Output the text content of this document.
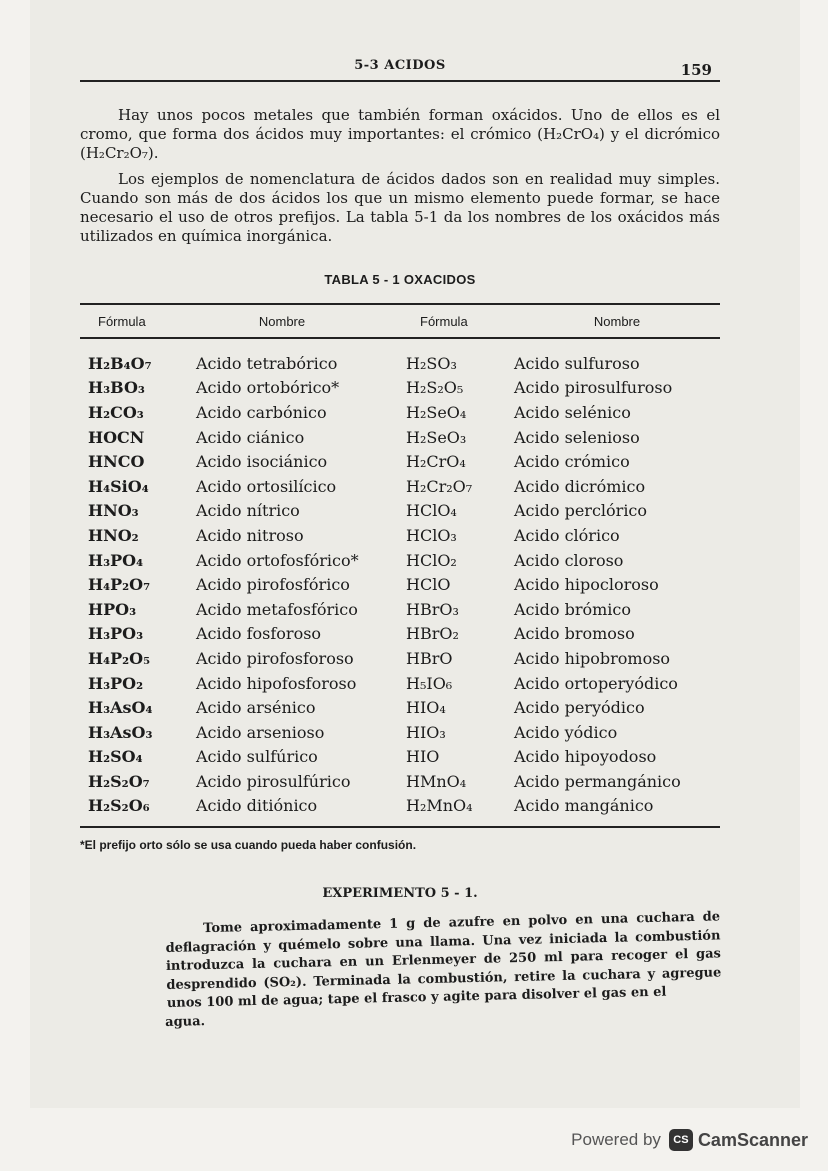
5-3 ACIDOS	159

Hay unos pocos metales que también forman oxácidos. Uno de ellos es el cromo, que forma dos ácidos muy importantes: el crómico (H₂CrO₄) y el dicrómico (H₂Cr₂O₇).

Los ejemplos de nomenclatura de ácidos dados son en realidad muy simples. Cuando son más de dos ácidos los que un mismo elemento puede formar, se hace necesario el uso de otros prefijos. La tabla 5-1 da los nombres de los oxácidos más utilizados en química inorgánica.

TABLA 5 - 1 OXACIDOS
Fórmula	Nombre	Fórmula	Nombre
H₂B₄O₇	Acido tetrabórico	H₂SO₃	Acido sulfuroso
H₃BO₃	Acido ortobórico*	H₂S₂O₅	Acido pirosulfuroso
H₂CO₃	Acido carbónico	H₂SeO₄	Acido selénico
HOCN	Acido ciánico	H₂SeO₃	Acido selenioso
HNCO	Acido isociánico	H₂CrO₄	Acido crómico
H₄SiO₄	Acido ortosilícico	H₂Cr₂O₇	Acido dicrómico
HNO₃	Acido nítrico	HClO₄	Acido perclórico
HNO₂	Acido nitroso	HClO₃	Acido clórico
H₃PO₄	Acido ortofosfórico*	HClO₂	Acido cloroso
H₄P₂O₇	Acido pirofosfórico	HClO	Acido hipocloroso
HPO₃	Acido metafosfórico	HBrO₃	Acido brómico
H₃PO₃	Acido fosforoso	HBrO₂	Acido bromoso
H₄P₂O₅	Acido pirofosforoso	HBrO	Acido hipobromoso
H₃PO₂	Acido hipofosforoso	H₅IO₆	Acido ortoperyódico
H₃AsO₄	Acido arsénico	HIO₄	Acido peryódico
H₃AsO₃	Acido arsenioso	HIO₃	Acido yódico
H₂SO₄	Acido sulfúrico	HIO	Acido hipoyodoso
H₂S₂O₇	Acido pirosulfúrico	HMnO₄	Acido permangánico
H₂S₂O₆	Acido ditiónico	H₂MnO₄	Acido mangánico
*El prefijo orto sólo se usa cuando pueda haber confusión.
EXPERIMENTO 5 - 1.

Tome aproximadamente 1 g de azufre en polvo en una cuchara de deflagración y quémelo sobre una llama. Una vez iniciada la combustión introduzca la cuchara en un Erlenmeyer de 250 ml para recoger el gas desprendido (SO₂). Terminada la combustión, retire la cuchara y agregue unos 100 ml de agua; tape el frasco y agite para disolver el gas en el

agua.

Powered by	CS CamScanner
